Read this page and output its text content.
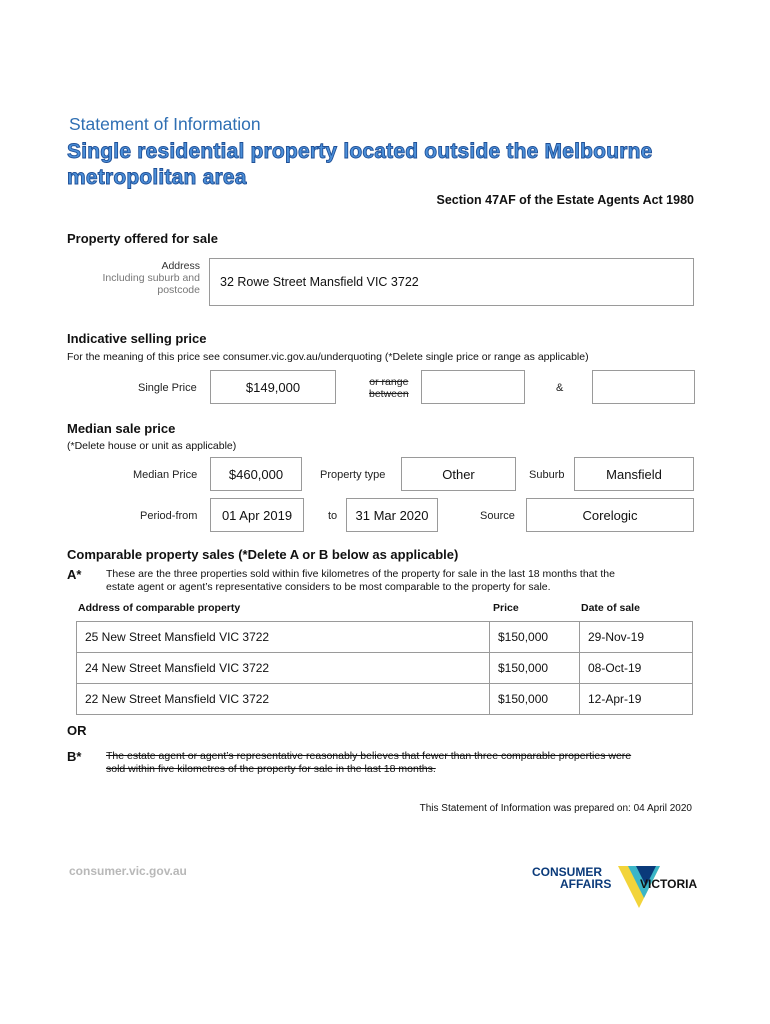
Statement of Information
Single residential property located outside the Melbourne metropolitan area
Section 47AF of the Estate Agents Act 1980
Property offered for sale
Address
Including suburb and
postcode
32 Rowe Street Mansfield VIC 3722
Indicative selling price
For the meaning of this price see consumer.vic.gov.au/underquoting (*Delete single price or range as applicable)
Single Price	$149,000	or range
between	&
Median sale price
(*Delete house or unit as applicable)
Median Price $460,000	Property type	Other	Suburb	Mansfield
Period-from 01 Apr 2019	to 31 Mar 2020	Source	Corelogic
Comparable property sales (*Delete A or B below as applicable)
A* These are the three properties sold within five kilometres of the property for sale in the last 18 months that the
estate agent or agent’s representative considers to be most comparable to the property for sale.
Address of comparable property	Price	Date of sale
25 New Street Mansfield VIC 3722	$150,000	29-Nov-19
24 New Street Mansfield VIC 3722	$150,000	08-Oct-19
22 New Street Mansfield VIC 3722	$150,000	12-Apr-19
OR
B* The estate agent or agent’s representative reasonably believes that fewer than three comparable properties were
sold within five kilometres of the property for sale in the last 18 months.
This Statement of Information was prepared on: 04 April 2020
consumer.vic.gov.au	CONSUMER
AFFAIRS VICTORIA
